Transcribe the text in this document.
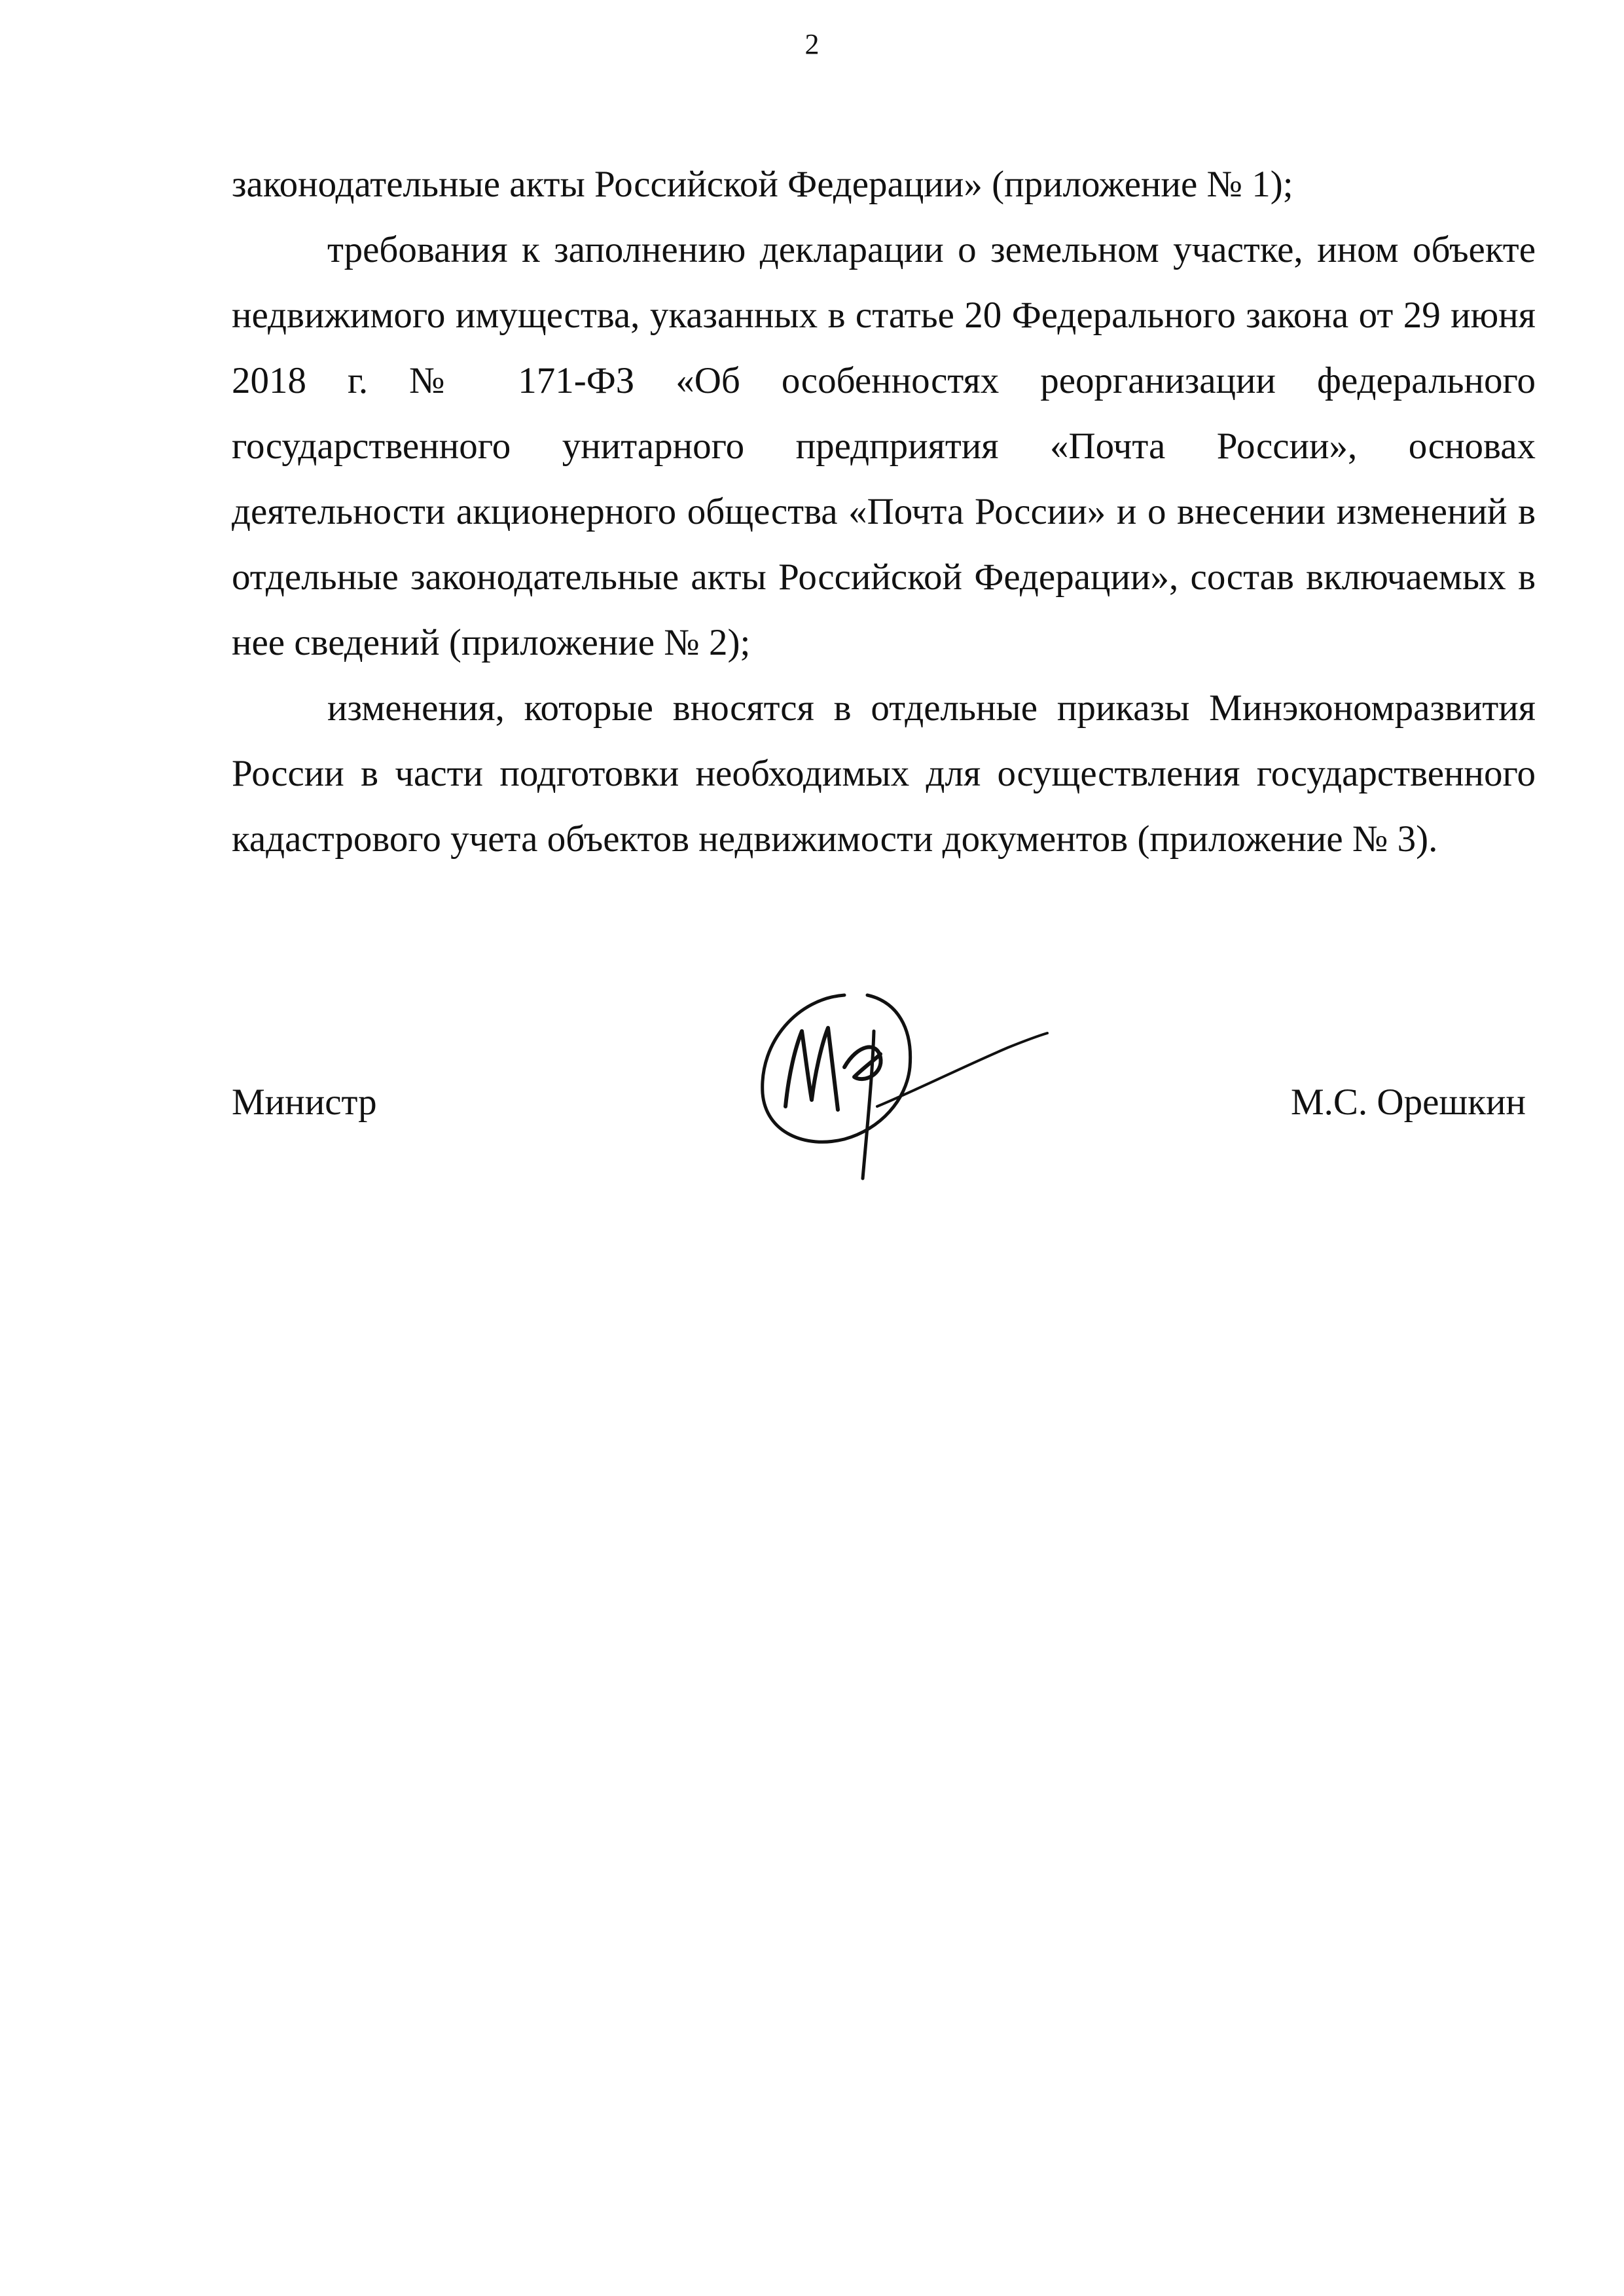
2

законодательные акты Российской Федерации» (приложение № 1);

требования к заполнению декларации о земельном участке, ином объекте недвижимого имущества, указанных в статье 20 Федерального закона от 29 июня 2018 г. № 171-ФЗ «Об особенностях реорганизации федерального государственного унитарного предприятия «Почта России», основах деятельности акционерного общества «Почта России» и о внесении изменений в отдельные законодательные акты Российской Федерации», состав включаемых в нее сведений (приложение № 2);

изменения, которые вносятся в отдельные приказы Минэкономразвития России в части подготовки необходимых для осуществления государственного кадастрового учета объектов недвижимости документов (приложение № 3).

Министр	М.С. Орешкин
